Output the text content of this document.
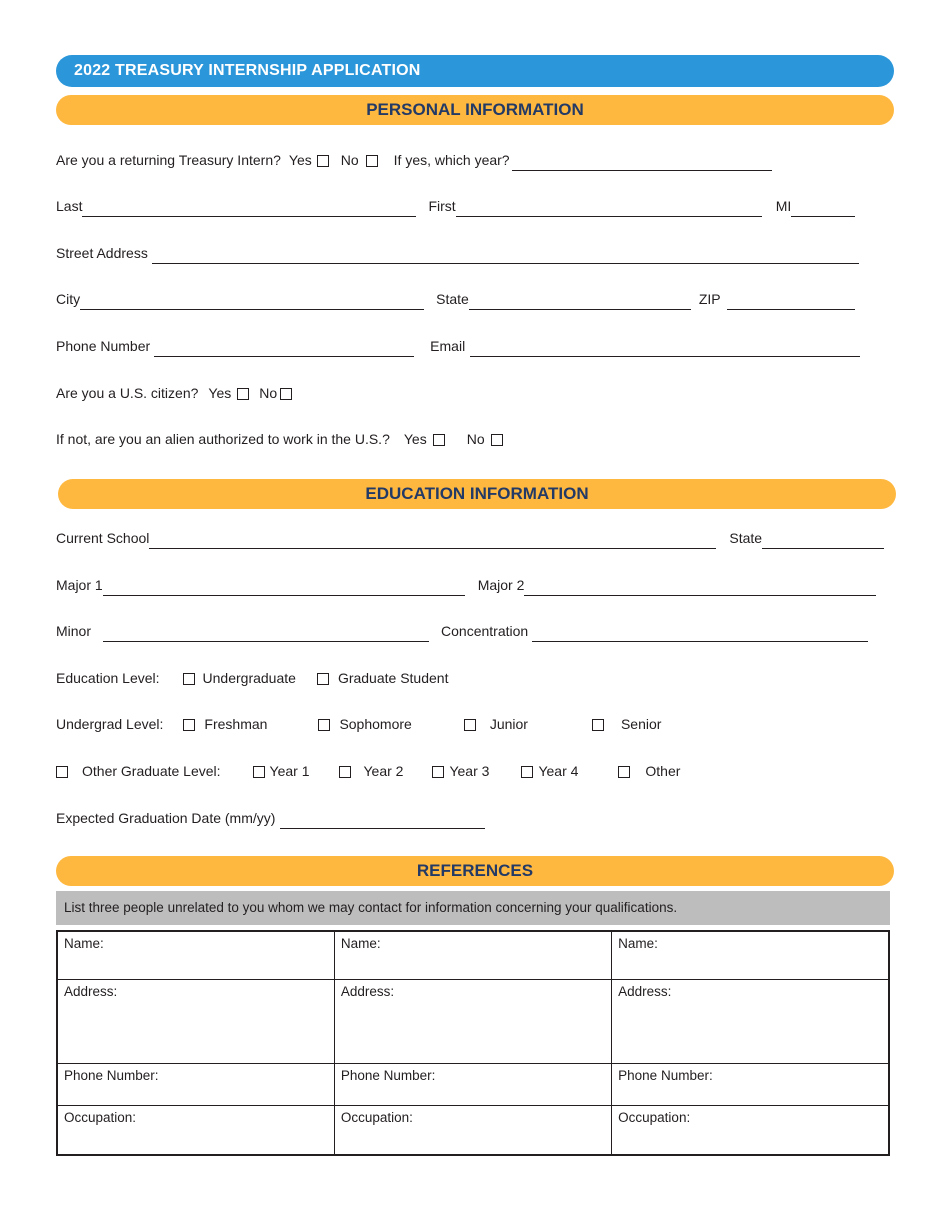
2022 TREASURY INTERNSHIP APPLICATION
PERSONAL INFORMATION
Are you a returning Treasury Intern? Yes No	If yes, which year?
Last	First	MI
Street Address
City	State	ZIP
Phone Number	Email
Are you a U.S. citizen? Yes No
If not, are you an alien authorized to work in the U.S.? Yes	No
EDUCATION INFORMATION
Current School	State
Major 1	Major 2
Minor	Concentration
Education Level:	Undergraduate	Graduate Student
Undergrad Level:	Freshman	Sophomore	Junior	Senior
Other Graduate Level:	Year 1	Year 2	Year 3	Year 4	Other
Expected Graduation Date (mm/yy)
REFERENCES
List three people unrelated to you whom we may contact for information concerning your qualifications.
Name:	Name:	Name:
Address:	Address:	Address:
Phone Number:	Phone Number:	Phone Number:
Occupation:	Occupation:	Occupation:
